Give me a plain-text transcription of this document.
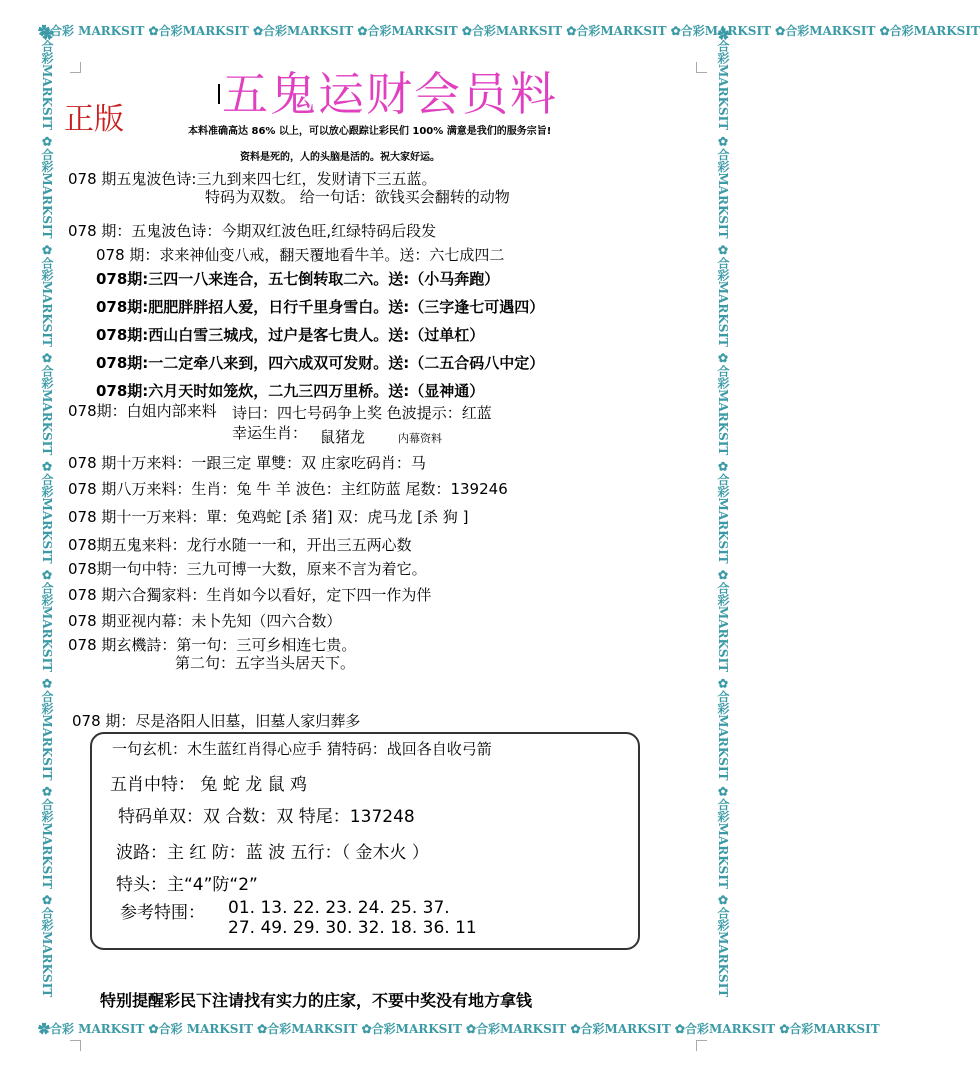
✿合彩 MARKSIT ✿合彩MARKSIT ✿合彩MARKSIT ✿合彩MARKSIT ✿合彩MARKSIT ✿合彩MARKSIT ✿合彩MARKSIT ✿合彩MARKSIT ✿合彩MARKSIT
✿合彩 MARKSIT ✿合彩 MARKSIT ✿合彩MARKSIT ✿合彩MARKSIT ✿合彩MARKSIT ✿合彩MARKSIT ✿合彩MARKSIT ✿合彩MARKSIT
✿合彩MARKSIT ✿合彩MARKSIT ✿合彩MARKSIT ✿合彩MARKSIT ✿合彩MARKSIT ✿合彩MARKSIT ✿合彩MARKSIT ✿合彩MARKSIT ✿合彩MARKSIT	✿合彩MARKSIT ✿合彩MARKSIT ✿合彩MARKSIT ✿合彩MARKSIT ✿合彩MARKSIT ✿合彩MARKSIT ✿合彩MARKSIT ✿合彩MARKSIT ✿合彩MARKSIT
五鬼运财会员料
正版	本料准确高达 86% 以上，可以放心跟踪让彩民们 100% 满意是我们的服务宗旨!
资料是死的，人的头脑是活的。祝大家好运。
078 期五鬼波色诗:三九到来四七红，发财请下三五蓝。
特码为双数。 给一句话：欲钱买会翻转的动物
078 期：五鬼波色诗：今期双红波色旺,红绿特码后段发
078 期：求来神仙变八戒，翻天覆地看牛羊。送：六七成四二
078期:三四一八来连合，五七倒转取二六。送:（小马奔跑）
078期:肥肥胖胖招人爱，日行千里身雪白。送:（三字逢七可遇四）
078期:西山白雪三城戌，过户是客七贵人。送:（过单杠）
078期:一二定牵八来到，四六成双可发财。送:（二五合码八中定）
078期:六月天时如笼炊，二九三四万里桥。送:（显神通）
078期：白姐内部来料 诗曰：四七号码争上奖 色波提示：红蓝
幸运生肖： 鼠猪龙	内幕资料
078 期十万来料：一跟三定 單雙：双 庄家吃码肖：马
078 期八万来料：生肖：兔 牛 羊 波色：主红防蓝 尾数：139246
078 期十一万来料：單：兔鸡蛇 [杀 猪] 双：虎马龙 [杀 狗 ]
078期五鬼来料：龙行水随一一和，开出三五两心数
078期一句中特：三九可博一大数，原来不言为着它。
078 期六合獨家料：生肖如今以看好，定下四一作为伴
078 期亚视内幕：未卜先知（四六合数）
078 期玄機詩：第一句：三可乡相连七贵。
第二句：五字当头居天下。
078 期：尽是洛阳人旧墓，旧墓人家归葬多
一句玄机：木生蓝红肖得心应手 猜特码：战回各自收弓箭
五肖中特： 兔 蛇 龙 鼠 鸡
特码单双：双 合数：双 特尾：137248
波路：主 红 防：蓝 波 五行：（ 金木火 ）
特头：主“4”防“2”
参考特围： 01. 13. 22. 23. 24. 25. 37.
27. 49. 29. 30. 32. 18. 36. 11
特别提醒彩民下注请找有实力的庄家，不要中奖没有地方拿钱
